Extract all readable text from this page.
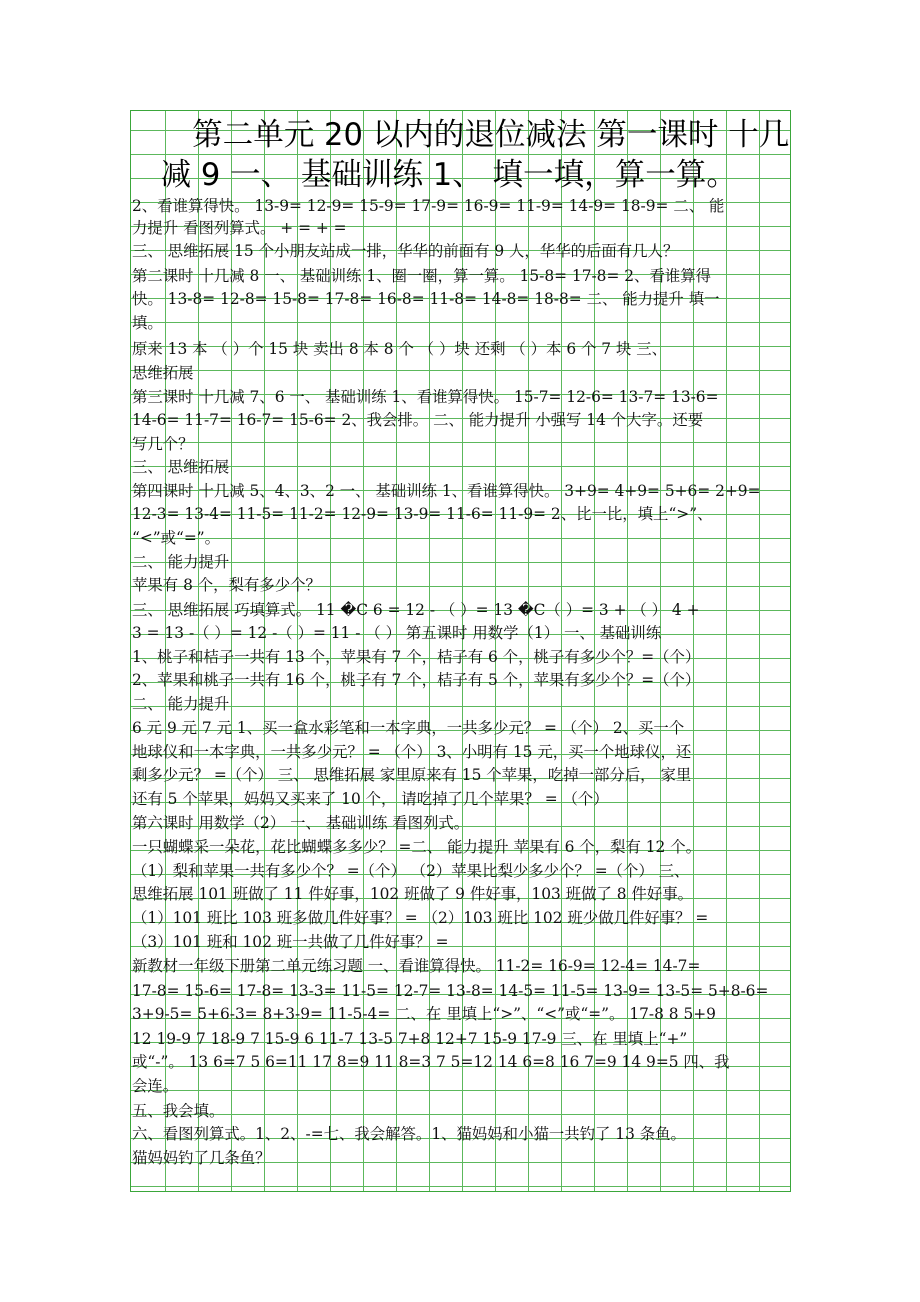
第二单元 20 以内的退位减法 第一课时 十几
减 9 一、 基础训练 1、 填一填，算一算。
2、看谁算得快。 13-9= 12-9= 15-9= 17-9= 16-9= 11-9= 14-9= 18-9= 二、 能
力提升 看图列算式。 + = + =
三、 思维拓展 15 个小朋友站成一排，华华的前面有 9 人，华华的后面有几人？
第二课时 十几减 8 一、 基础训练 1、圈一圈，算一算。 15-8= 17-8= 2、看谁算得
快。 13-8= 12-8= 15-8= 17-8= 16-8= 11-8= 14-8= 18-8= 二、 能力提升 填一
填。
原来 13 本 （ ）个 15 块 卖出 8 本 8 个 （ ）块 还剩 （ ）本 6 个 7 块 三、
思维拓展
第三课时 十几减 7、6 一、 基础训练 1、看谁算得快。 15-7= 12-6= 13-7= 13-6=
14-6= 11-7= 16-7= 15-6= 2、我会排。 二、 能力提升 小强写 14 个大字。还要
写几个？
三、 思维拓展
第四课时 十几减 5、4、3、2 一、 基础训练 1、看谁算得快。 3+9= 4+9= 5+6= 2+9=
12-3= 13-4= 11-5= 11-2= 12-9= 13-9= 11-6= 11-9= 2、比一比，填上“>”、
“<”或“=”。
二、 能力提升
苹果有 8 个，梨有多少个？
三、 思维拓展 巧填算式。 11 �C 6 = 12 - （ ）= 13 �C（ ）= 3 + （ ） 4 +
3 = 13 -（ ）= 12 -（ ）= 11 - （ ） 第五课时 用数学（1） 一、 基础训练
1、桃子和桔子一共有 13 个，苹果有 7 个，桔子有 6 个，桃子有多少个？=（个）
2、苹果和桃子一共有 16 个，桃子有 7 个，桔子有 5 个，苹果有多少个？=（个）
二、 能力提升
6 元 9 元 7 元 1、买一盒水彩笔和一本字典，一共多少元？ = （个） 2、买一个
地球仪和一本字典，一共多少元？ = （个） 3、小明有 15 元，买一个地球仪，还
剩多少元？ =（个） 三、 思维拓展 家里原来有 15 个苹果，吃掉一部分后， 家里
还有 5 个苹果，妈妈又买来了 10 个， 请吃掉了几个苹果？ = （个）
第六课时 用数学（2） 一、 基础训练 看图列式。
一只蝴蝶采一朵花，花比蝴蝶多多少？ =二、 能力提升 苹果有 6 个，梨有 12 个。
（1）梨和苹果一共有多少个？ =（个） （2）苹果比梨少多少个？ =（个） 三、
思维拓展 101 班做了 11 件好事，102 班做了 9 件好事，103 班做了 8 件好事。
（1）101 班比 103 班多做几件好事？ = （2）103 班比 102 班少做几件好事？ =
（3）101 班和 102 班一共做了几件好事？ =
新教材一年级下册第二单元练习题 一、看谁算得快。 11-2= 16-9= 12-4= 14-7=
17-8= 15-6= 17-8= 13-3= 11-5= 12-7= 13-8= 14-5= 11-5= 13-9= 13-5= 5+8-6=
3+9-5= 5+6-3= 8+3-9= 11-5-4= 二、在 里填上“>”、“<”或“=”。 17-8 8 5+9
12 19-9 7 18-9 7 15-9 6 11-7 13-5 7+8 12+7 15-9 17-9 三、在 里填上“+”
或“-”。 13 6=7 5 6=11 17 8=9 11 8=3 7 5=12 14 6=8 16 7=9 14 9=5 四、我
会连。
五、我会填。
六、看图列算式。1、2、-=七、我会解答。1、猫妈妈和小猫一共钓了 13 条鱼。
猫妈妈钓了几条鱼？
